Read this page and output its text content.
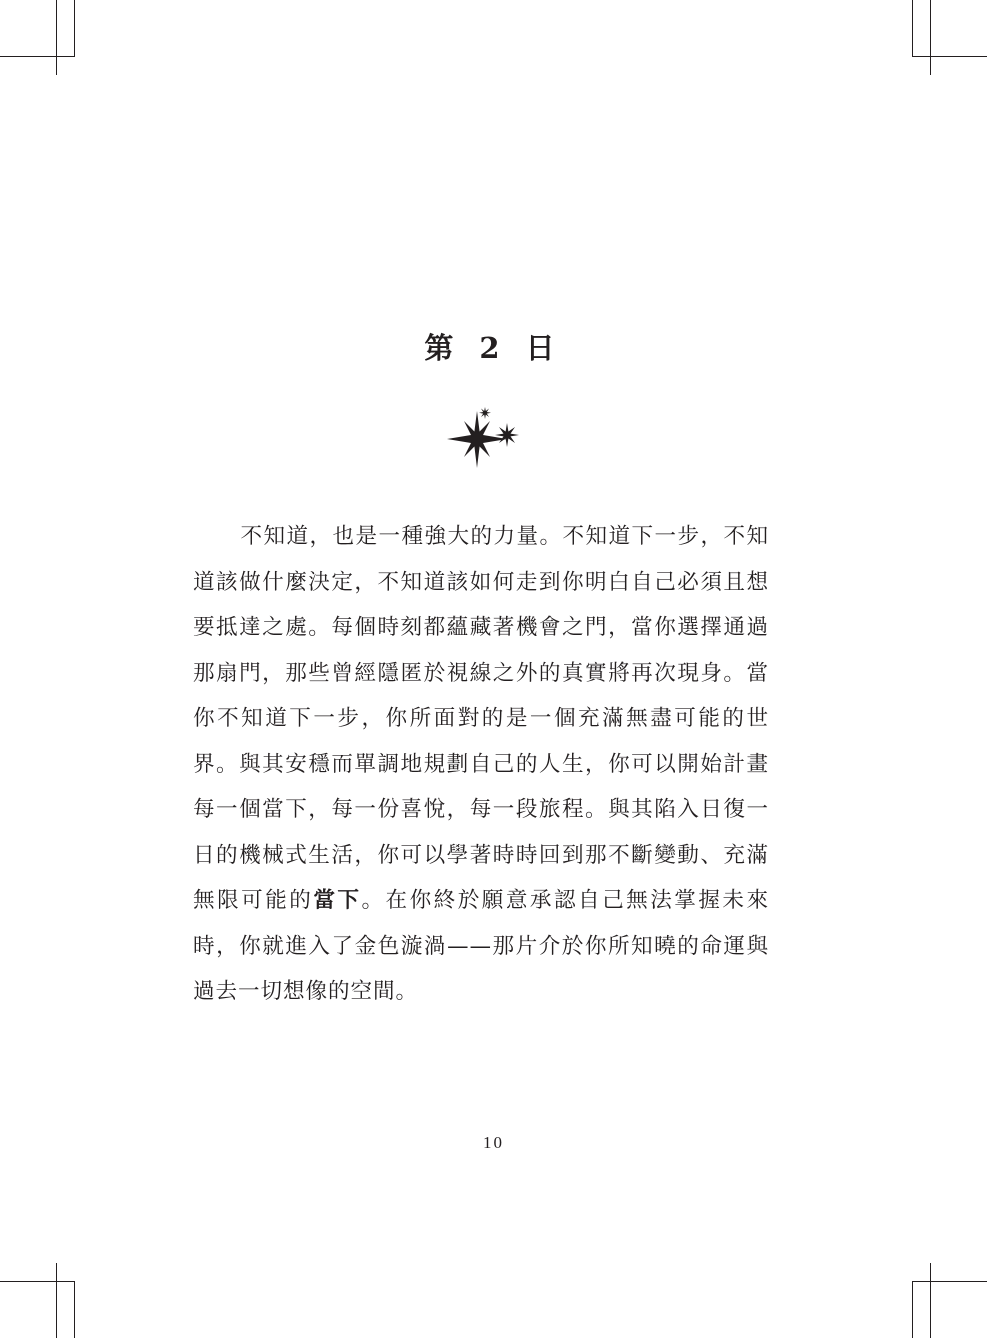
第 2 日

不知道，也是一種強大的力量。不知道下一步，不知道該做什麼決定，不知道該如何走到你明白自己必須且想要抵達之處。每個時刻都蘊藏著機會之門，當你選擇通過那扇門，那些曾經隱匿於視線之外的真實將再次現身。當你不知道下一步，你所面對的是一個充滿無盡可能的世界。與其安穩而單調地規劃自己的人生，你可以開始計畫每一個當下，每一份喜悅，每一段旅程。與其陷入日復一日的機械式生活，你可以學著時時回到那不斷變動、充滿無限可能的當下。在你終於願意承認自己無法掌握未來時，你就進入了金色漩渦——那片介於你所知曉的命運與過去一切想像的空間。

10
